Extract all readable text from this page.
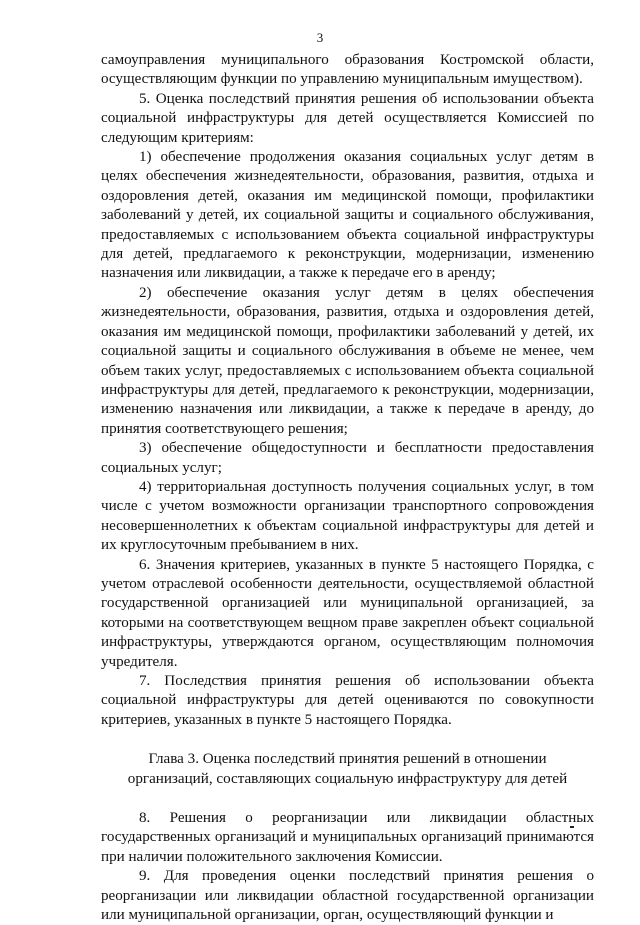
3

самоуправления муниципального образования Костромской области, осуществляющим функции по управлению муниципальным имуществом).

5. Оценка последствий принятия решения об использовании объекта социальной инфраструктуры для детей осуществляется Комиссией по следующим критериям:

1) обеспечение продолжения оказания социальных услуг детям в целях обеспечения жизнедеятельности, образования, развития, отдыха и оздоровления детей, оказания им медицинской помощи, профилактики заболеваний у детей, их социальной защиты и социального обслуживания, предоставляемых с использованием объекта социальной инфраструктуры для детей, предлагаемого к реконструкции, модернизации, изменению назначения или ликвидации, а также к передаче его в аренду;

2) обеспечение оказания услуг детям в целях обеспечения жизнедеятельности, образования, развития, отдыха и оздоровления детей, оказания им медицинской помощи, профилактики заболеваний у детей, их социальной защиты и социального обслуживания в объеме не менее, чем объем таких услуг, предоставляемых с использованием объекта социальной инфраструктуры для детей, предлагаемого к реконструкции, модернизации, изменению назначения или ликвидации, а также к передаче в аренду, до принятия соответствующего решения;

3) обеспечение общедоступности и бесплатности предоставления социальных услуг;

4) территориальная доступность получения социальных услуг, в том числе с учетом возможности организации транспортного сопровождения несовершеннолетних к объектам социальной инфраструктуры для детей и их круглосуточным пребыванием в них.

6. Значения критериев, указанных в пункте 5 настоящего Порядка, с учетом отраслевой особенности деятельности, осуществляемой областной государственной организацией или муниципальной организацией, за которыми на соответствующем вещном праве закреплен объект социальной инфраструктуры, утверждаются органом, осуществляющим полномочия учредителя.

7. Последствия принятия решения об использовании объекта социальной инфраструктуры для детей оцениваются по совокупности критериев, указанных в пункте 5 настоящего Порядка.

Глава 3. Оценка последствий принятия решений в отношении организаций, составляющих социальную инфраструктуру для детей

8. Решения о реорганизации или ликвидации областных государственных организаций и муниципальных организаций принимаются при наличии положительного заключения Комиссии.

9. Для проведения оценки последствий принятия решения о реорганизации или ликвидации областной государственной организации или муниципальной организации, орган, осуществляющий функции и
